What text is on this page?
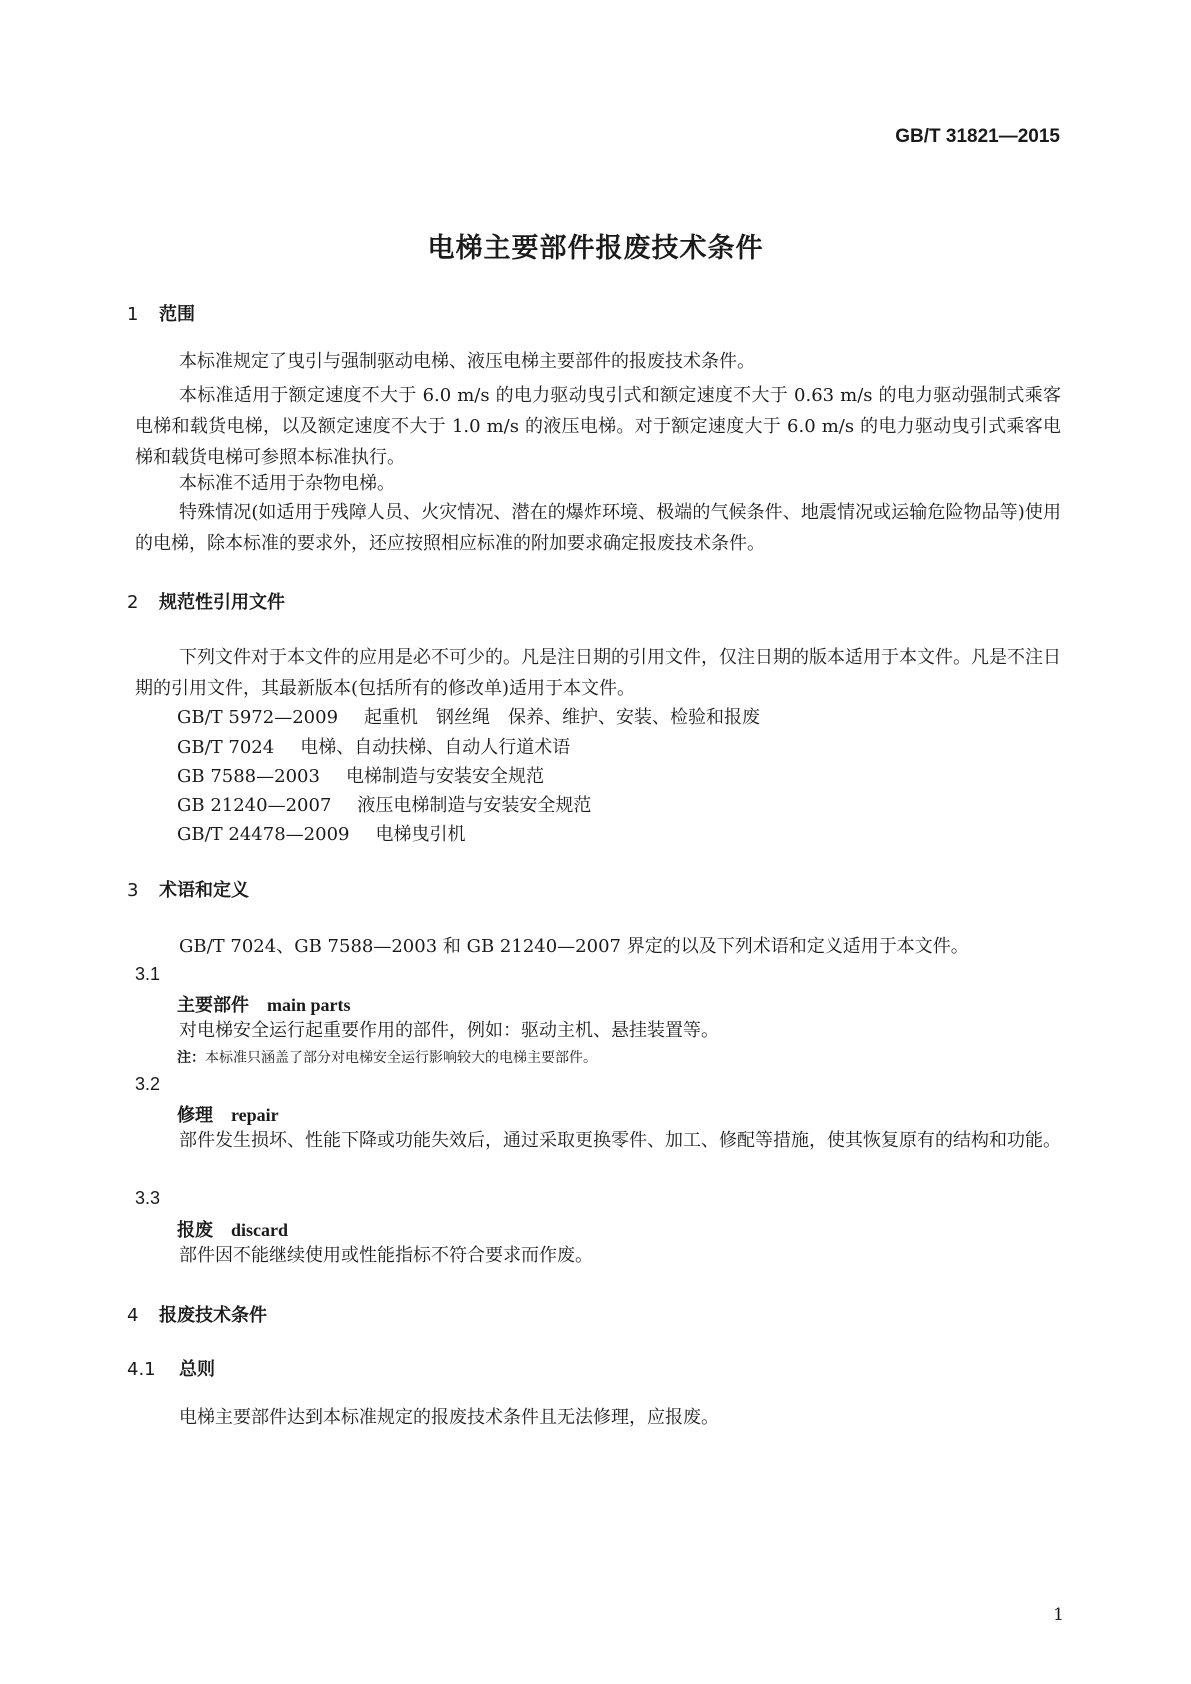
GB/T 31821—2015
电梯主要部件报废技术条件
1 范围
本标准规定了曳引与强制驱动电梯、液压电梯主要部件的报废技术条件。
本标准适用于额定速度不大于 6.0 m/s 的电力驱动曳引式和额定速度不大于 0.63 m/s 的电力驱动强制式乘客电梯和载货电梯，以及额定速度不大于 1.0 m/s 的液压电梯。对于额定速度大于 6.0 m/s 的电力驱动曳引式乘客电梯和载货电梯可参照本标准执行。
本标准不适用于杂物电梯。
特殊情况(如适用于残障人员、火灾情况、潜在的爆炸环境、极端的气候条件、地震情况或运输危险物品等)使用的电梯，除本标准的要求外，还应按照相应标准的附加要求确定报废技术条件。
2 规范性引用文件
下列文件对于本文件的应用是必不可少的。凡是注日期的引用文件，仅注日期的版本适用于本文件。凡是不注日期的引用文件，其最新版本(包括所有的修改单)适用于本文件。
GB/T 5972—2009 起重机　钢丝绳　保养、维护、安装、检验和报废
GB/T 7024 电梯、自动扶梯、自动人行道术语
GB 7588—2003 电梯制造与安装安全规范
GB 21240—2007 液压电梯制造与安装安全规范
GB/T 24478—2009 电梯曳引机
3 术语和定义
GB/T 7024、GB 7588—2003 和 GB 21240—2007 界定的以及下列术语和定义适用于本文件。
3.1
主要部件 main parts
对电梯安全运行起重要作用的部件，例如：驱动主机、悬挂装置等。
注：本标准只涵盖了部分对电梯安全运行影响较大的电梯主要部件。
3.2
修理 repair
部件发生损坏、性能下降或功能失效后，通过采取更换零件、加工、修配等措施，使其恢复原有的结构和功能。
3.3
报废 discard
部件因不能继续使用或性能指标不符合要求而作废。
4 报废技术条件
4.1 总则
电梯主要部件达到本标准规定的报废技术条件且无法修理，应报废。
1
